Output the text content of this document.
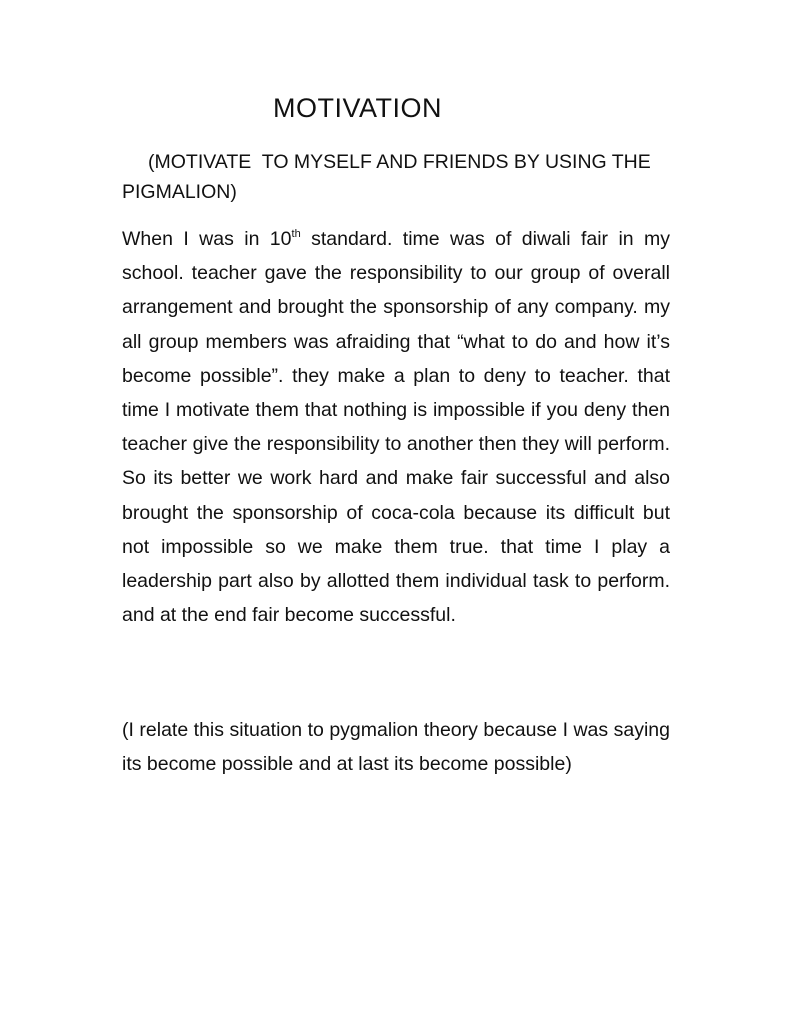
MOTIVATION

(MOTIVATE TO MYSELF AND FRIENDS BY USING THE PIGMALION)

When I was in 10th standard. time was of diwali fair in my school. teacher gave the responsibility to our group of overall arrangement and brought the sponsorship of any company. my all group members was afraiding that “what to do and how it’s become possible”. they make a plan to deny to teacher. that time I motivate them that nothing is impossible if you deny then teacher give the responsibility to another then they will perform. So its better we work hard and make fair successful and also brought the sponsorship of coca-cola because its difficult but not impossible so we make them true. that time I play a leadership part also by allotted them individual task to perform. and at the end fair become successful.

(I relate this situation to pygmalion theory because I was saying its become possible and at last its become possible)
